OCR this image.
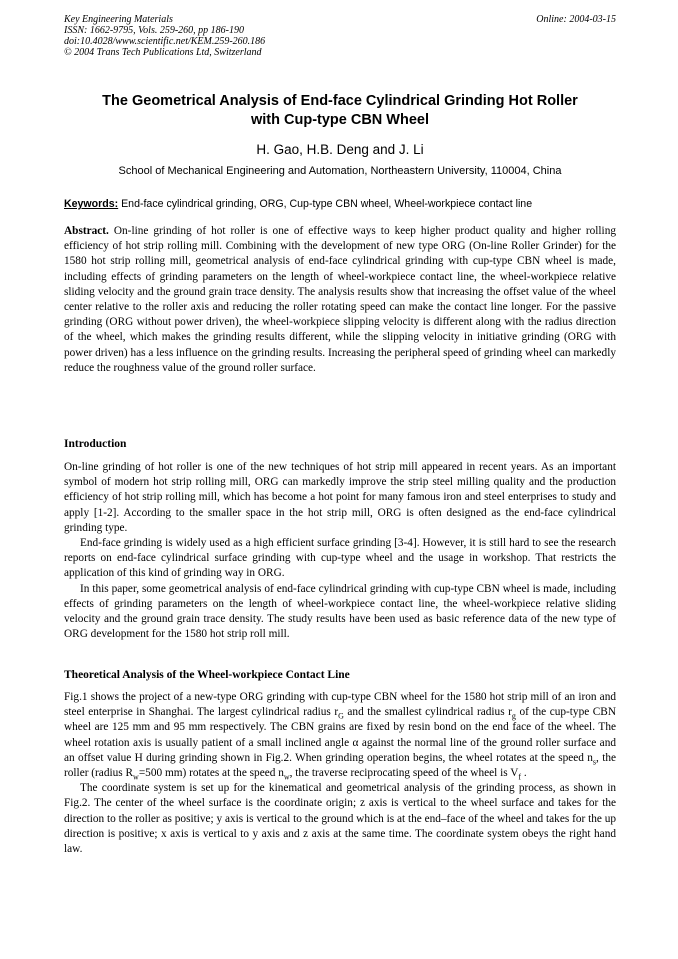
Key Engineering Materials
ISSN: 1662-9795, Vols. 259-260, pp 186-190
doi:10.4028/www.scientific.net/KEM.259-260.186
© 2004 Trans Tech Publications Ltd, Switzerland
Online: 2004-03-15
The Geometrical Analysis of End-face Cylindrical Grinding Hot Roller
with Cup-type CBN Wheel
H. Gao, H.B. Deng and J. Li
School of Mechanical Engineering and Automation, Northeastern University, 110004, China
Keywords: End-face cylindrical grinding, ORG, Cup-type CBN wheel, Wheel-workpiece contact line

Abstract. On-line grinding of hot roller is one of effective ways to keep higher product quality and higher rolling efficiency of hot strip rolling mill. Combining with the development of new type ORG (On-line Roller Grinder) for the 1580 hot strip rolling mill, geometrical analysis of end-face cylindrical grinding with cup-type CBN wheel is made, including effects of grinding parameters on the length of wheel-workpiece contact line, the wheel-workpiece relative sliding velocity and the ground grain trace density. The analysis results show that increasing the offset value of the wheel center relative to the roller axis and reducing the roller rotating speed can make the contact line longer. For the passive grinding (ORG without power driven), the wheel-workpiece slipping velocity is different along with the radius direction of the wheel, which makes the grinding results different, while the slipping velocity in initiative grinding (ORG with power driven) has a less influence on the grinding results. Increasing the peripheral speed of grinding wheel can markedly reduce the roughness value of the ground roller surface.

Introduction

On-line grinding of hot roller is one of the new techniques of hot strip mill appeared in recent years. As an important symbol of modern hot strip rolling mill, ORG can markedly improve the strip steel milling quality and the production efficiency of hot strip rolling mill, which has become a hot point for many famous iron and steel enterprises to study and apply [1-2]. According to the smaller space in the hot strip mill, ORG is often designed as the end-face cylindrical grinding type.

End-face grinding is widely used as a high efficient surface grinding [3-4]. However, it is still hard to see the research reports on end-face cylindrical surface grinding with cup-type wheel and the usage in workshop. That restricts the application of this kind of grinding way in ORG.

In this paper, some geometrical analysis of end-face cylindrical grinding with cup-type CBN wheel is made, including effects of grinding parameters on the length of wheel-workpiece contact line, the wheel-workpiece relative sliding velocity and the ground grain trace density. The study results have been used as basic reference data of the new type of ORG development for the 1580 hot strip roll mill.

Theoretical Analysis of the Wheel-workpiece Contact Line

Fig.1 shows the project of a new-type ORG grinding with cup-type CBN wheel for the 1580 hot strip mill of an iron and steel enterprise in Shanghai. The largest cylindrical radius $r_G$ and the smallest cylindrical radius $r_g$ of the cup-type CBN wheel are 125 mm and 95 mm respectively. The CBN grains are fixed by resin bond on the end face of the wheel. The wheel rotation axis is usually patient of a small inclined angle α against the normal line of the ground roller surface and an offset value H during grinding shown in Fig.2. When grinding operation begins, the wheel rotates at the speed $n_s$, the roller (radius $R_w=500$ mm) rotates at the speed $n_w$, the traverse reciprocating speed of the wheel is $V_f$ .

The coordinate system is set up for the kinematical and geometrical analysis of the grinding process, as shown in Fig.2. The center of the wheel surface is the coordinate origin; z axis is vertical to the wheel surface and takes for the direction to the roller as positive; y axis is vertical to the ground which is at the end–face of the wheel and takes for the up direction is positive; x axis is vertical to y axis and z axis at the same time. The coordinate system obeys the right hand law.
